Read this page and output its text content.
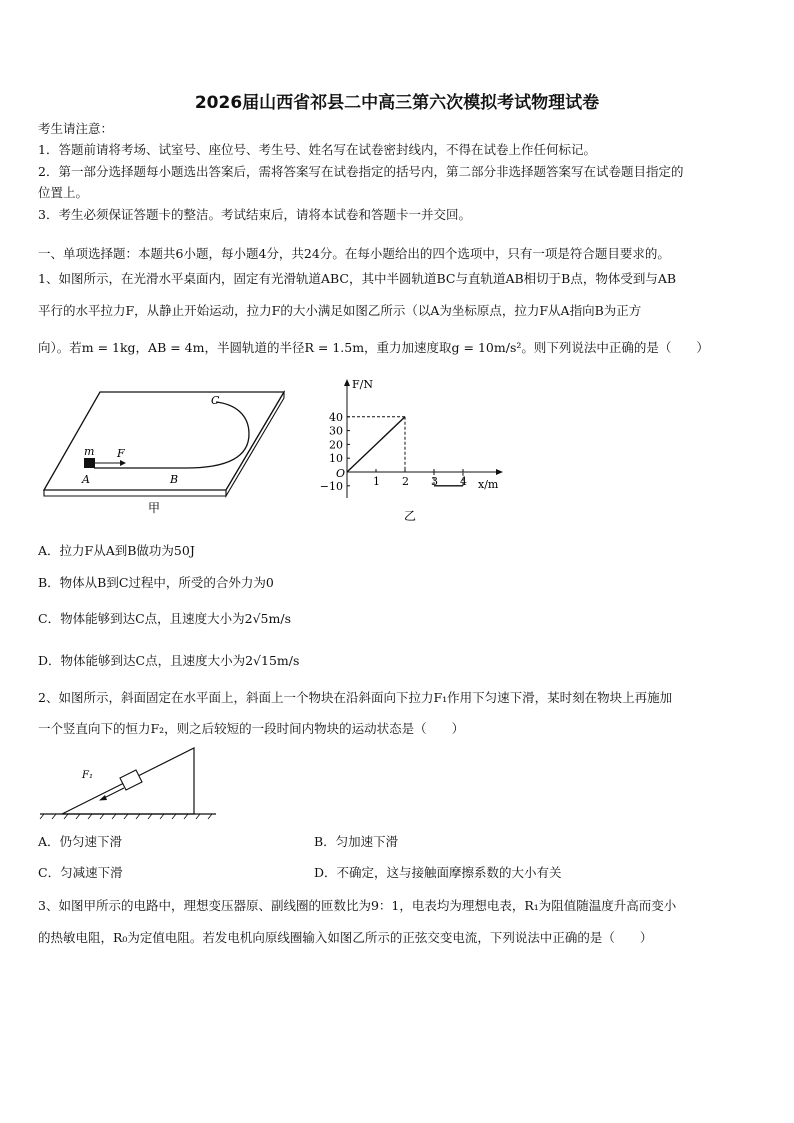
2026届山西省祁县二中高三第六次模拟考试物理试卷
考生请注意：
1．答题前请将考场、试室号、座位号、考生号、姓名写在试卷密封线内，不得在试卷上作任何标记。
2．第一部分选择题每小题选出答案后，需将答案写在试卷指定的括号内，第二部分非选择题答案写在试卷题目指定的
位置上。
3．考生必须保证答题卡的整洁。考试结束后，请将本试卷和答题卡一并交回。
一、单项选择题：本题共6小题，每小题4分，共24分。在每小题给出的四个选项中，只有一项是符合题目要求的。
1、如图所示，在光滑水平桌面内，固定有光滑轨道ABC，其中半圆轨道BC与直轨道AB相切于B点，物体受到与AB
平行的水平拉力F，从静止开始运动，拉力F的大小满足如图乙所示（以A为坐标原点，拉力F从A指向B为正方
向）。若m = 1kg，AB = 4m，半圆轨道的半径R = 1.5m，重力加速度取g = 10m/s²。则下列说法中正确的是（　　）
C
m F
A	B
甲
F/N
x/m
O
40
30
20
10
−10	1 2 3 4
乙
A．拉力F从A到B做功为50J
B．物体从B到C过程中，所受的合外力为0
C．物体能够到达C点，且速度大小为2√5m/s
D．物体能够到达C点，且速度大小为2√15m/s
2、如图所示，斜面固定在水平面上，斜面上一个物块在沿斜面向下拉力F₁作用下匀速下滑，某时刻在物块上再施加
一个竖直向下的恒力F₂，则之后较短的一段时间内物块的运动状态是（　　）
F₁
A．仍匀速下滑	B．匀加速下滑
C．匀减速下滑	D．不确定，这与接触面摩擦系数的大小有关
3、如图甲所示的电路中，理想变压器原、副线圈的匝数比为9：1，电表均为理想电表，R₁为阻值随温度升高而变小
的热敏电阻，R₀为定值电阻。若发电机向原线圈输入如图乙所示的正弦交变电流，下列说法中正确的是（　　）
